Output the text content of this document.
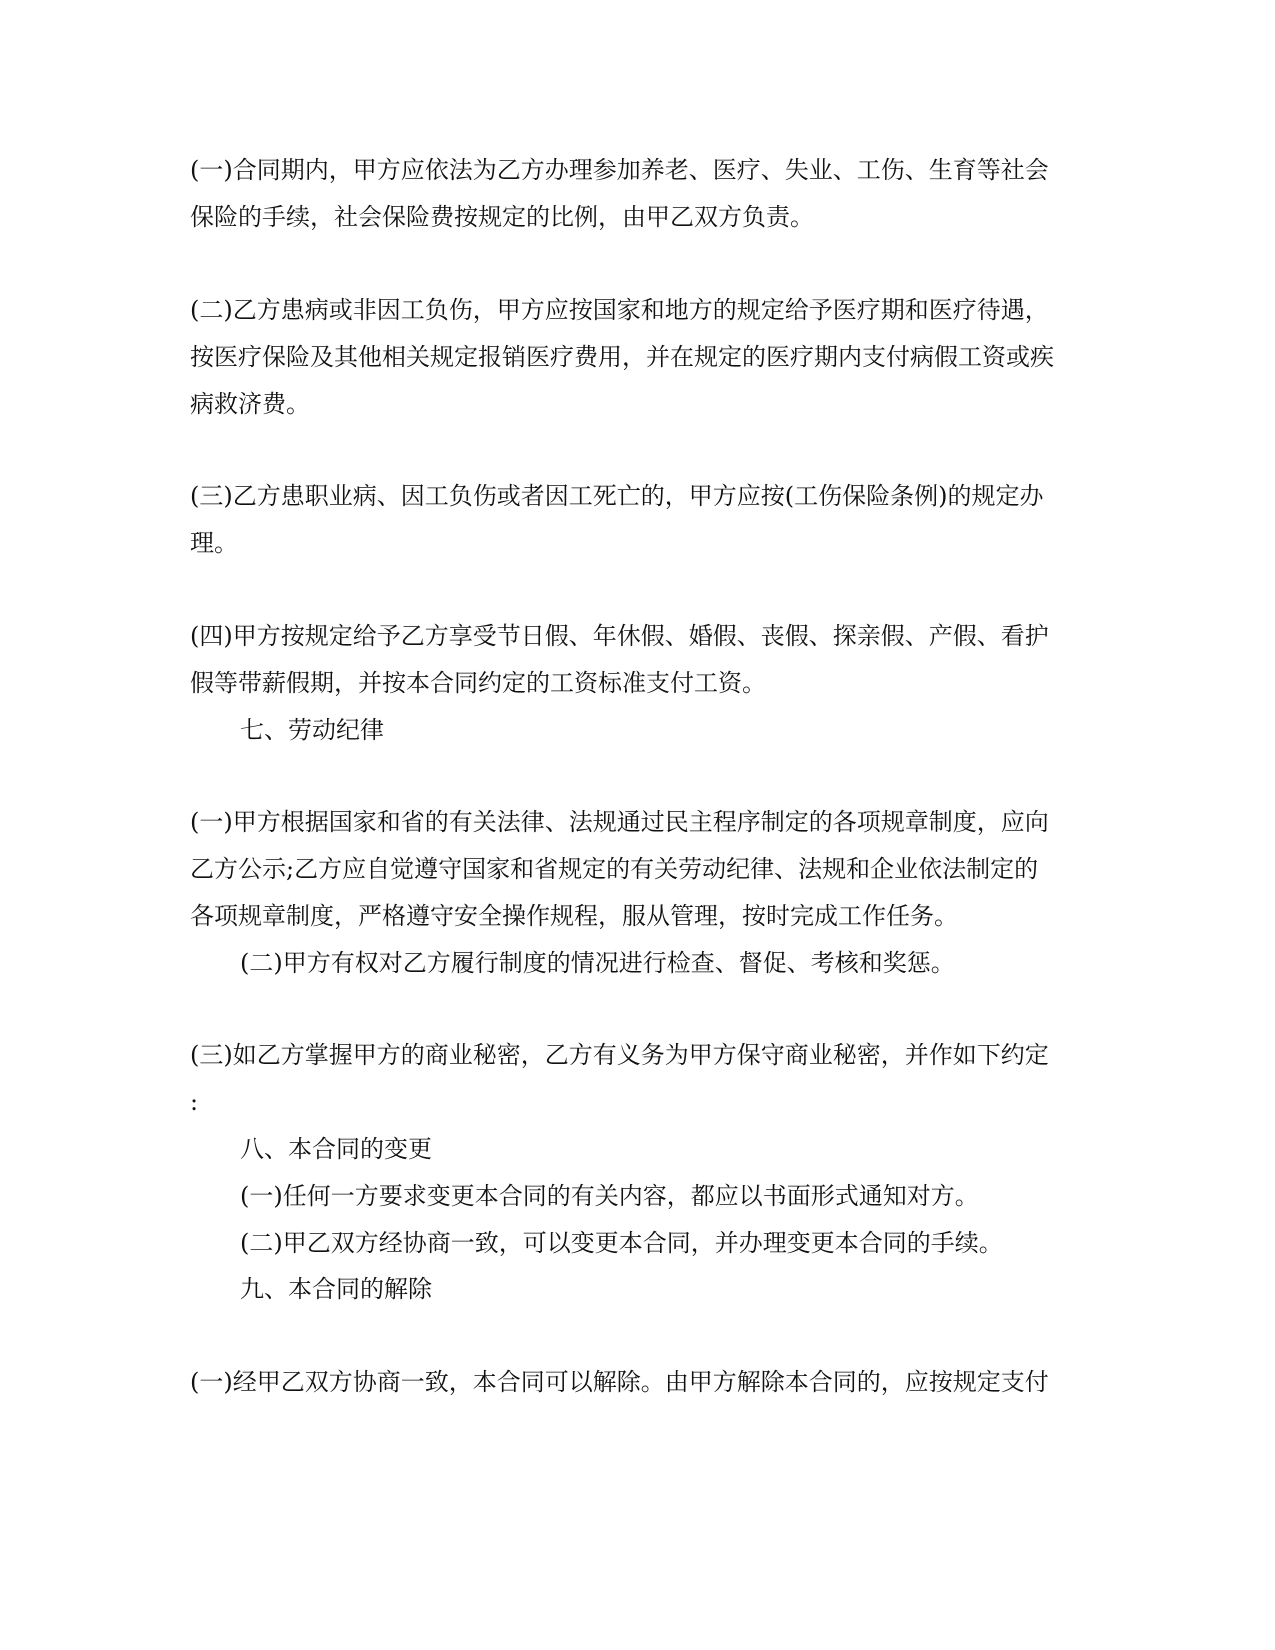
(一)合同期内，甲方应依法为乙方办理参加养老、医疗、失业、工伤、生育等社会

保险的手续，社会保险费按规定的比例，由甲乙双方负责。

(二)乙方患病或非因工负伤，甲方应按国家和地方的规定给予医疗期和医疗待遇，

按医疗保险及其他相关规定报销医疗费用，并在规定的医疗期内支付病假工资或疾

病救济费。

(三)乙方患职业病、因工负伤或者因工死亡的，甲方应按(工伤保险条例)的规定办

理。

(四)甲方按规定给予乙方享受节日假、年休假、婚假、丧假、探亲假、产假、看护

假等带薪假期，并按本合同约定的工资标准支付工资。

七、劳动纪律

(一)甲方根据国家和省的有关法律、法规通过民主程序制定的各项规章制度，应向

乙方公示;乙方应自觉遵守国家和省规定的有关劳动纪律、法规和企业依法制定的

各项规章制度，严格遵守安全操作规程，服从管理，按时完成工作任务。

(二)甲方有权对乙方履行制度的情况进行检查、督促、考核和奖惩。

(三)如乙方掌握甲方的商业秘密，乙方有义务为甲方保守商业秘密，并作如下约定

:

八、本合同的变更

(一)任何一方要求变更本合同的有关内容，都应以书面形式通知对方。

(二)甲乙双方经协商一致，可以变更本合同，并办理变更本合同的手续。

九、本合同的解除

(一)经甲乙双方协商一致，本合同可以解除。由甲方解除本合同的，应按规定支付
